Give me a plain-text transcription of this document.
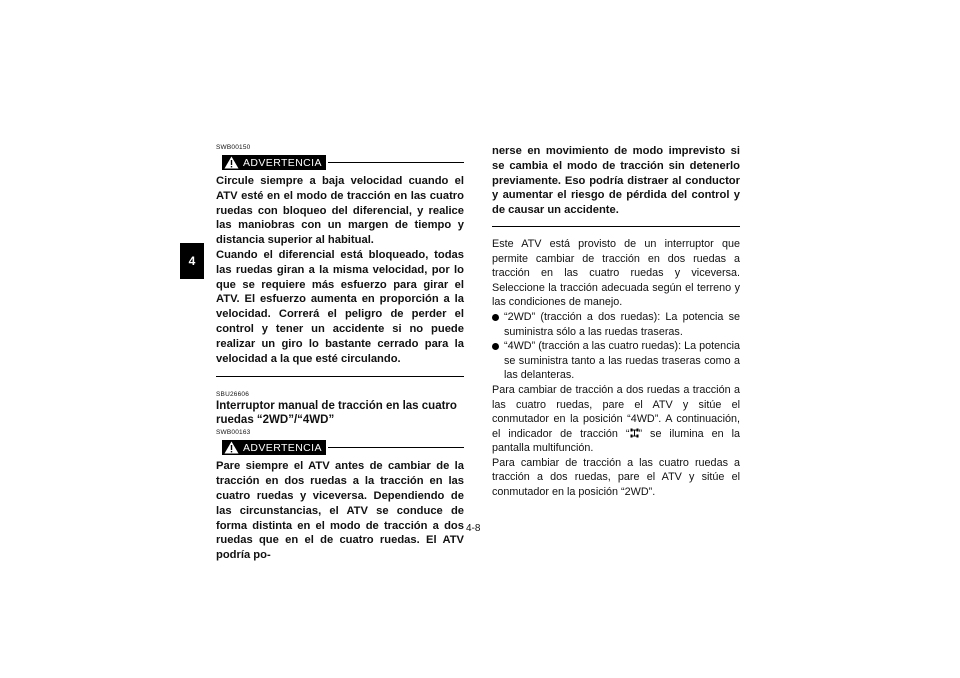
4
SWB00150
ADVERTENCIA

Circule siempre a baja velocidad cuando el ATV esté en el modo de tracción en las cuatro ruedas con bloqueo del diferencial, y realice las maniobras con un margen de tiempo y distancia superior al habitual.

Cuando el diferencial está bloqueado, todas las ruedas giran a la misma velocidad, por lo que se requiere más esfuerzo para girar el ATV. El esfuerzo aumenta en proporción a la velocidad. Correrá el peligro de perder el control y tener un accidente si no puede realizar un giro lo bastante cerrado para la velocidad a la que esté circulando.

SBU26606

Interruptor manual de tracción en las cuatro ruedas “2WD”/“4WD”

SWB00163
ADVERTENCIA

Pare siempre el ATV antes de cambiar de la tracción en dos ruedas a la tracción en las cuatro ruedas y viceversa. Dependiendo de las circunstancias, el ATV se conduce de forma distinta en el modo de tracción a dos ruedas que en el de cuatro ruedas. El ATV podría po-

nerse en movimiento de modo imprevisto si se cambia el modo de tracción sin detenerlo previamente. Eso podría distraer al conductor y aumentar el riesgo de pérdida del control y de causar un accidente.

Este ATV está provisto de un interruptor que permite cambiar de tracción en dos ruedas a tracción en las cuatro ruedas y viceversa. Seleccione la tracción adecuada según el terreno y las condiciones de manejo.

“2WD” (tracción a dos ruedas): La potencia se suministra sólo a las ruedas traseras.
“4WD” (tracción a las cuatro ruedas): La potencia se suministra tanto a las ruedas traseras como a las delanteras.

Para cambiar de tracción a dos ruedas a tracción a las cuatro ruedas, pare el ATV y sitúe el conmutador en la posición “4WD”. A continuación, el indicador de tracción “ ” se ilumina en la pantalla multifunción.

Para cambiar de tracción a las cuatro ruedas a tracción a dos ruedas, pare el ATV y sitúe el conmutador en la posición “2WD”.

4-8
